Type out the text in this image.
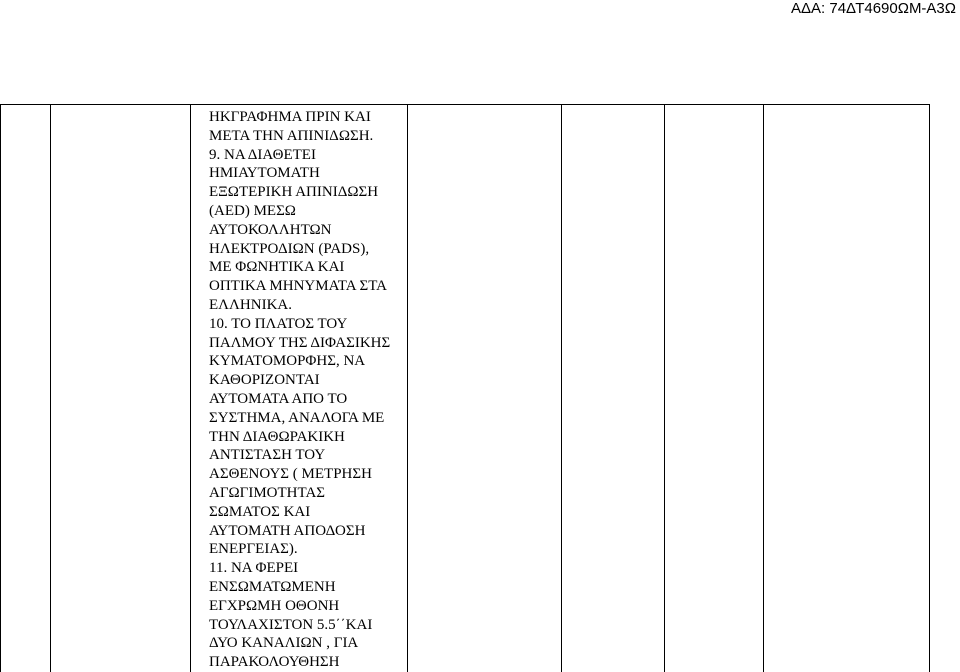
ΑΔΑ: 74ΔΤ4690ΩΜ-Α3Ω

ΗΚΓΡΑΦΗΜΑ ΠΡΙΝ ΚΑΙ
ΜΕΤΑ ΤΗΝ ΑΠΙΝΙΔΩΣΗ.
9. ΝΑ ΔΙΑΘΕΤΕΙ
ΗΜΙΑΥΤΟΜΑΤΗ
ΕΞΩΤΕΡΙΚΗ ΑΠΙΝΙΔΩΣΗ
(AED) ΜΕΣΩ
ΑΥΤΟΚΟΛΛΗΤΩΝ
ΗΛΕΚΤΡΟΔΙΩΝ (PADS),
ΜΕ ΦΩΝΗΤΙΚΑ ΚΑΙ
ΟΠΤΙΚΑ ΜΗΝΥΜΑΤΑ ΣΤΑ
ΕΛΛΗΝΙΚΑ.
10. ΤΟ ΠΛΑΤΟΣ ΤΟΥ
ΠΑΛΜΟΥ ΤΗΣ ΔΙΦΑΣΙΚΗΣ
ΚΥΜΑΤΟΜΟΡΦΗΣ, ΝΑ
ΚΑΘΟΡΙΖΟΝΤΑΙ
ΑΥΤΟΜΑΤΑ ΑΠΟ ΤΟ
ΣΥΣΤΗΜΑ, ΑΝΑΛΟΓΑ ΜΕ
ΤΗΝ ΔΙΑΘΩΡΑΚΙΚΗ
ΑΝΤΙΣΤΑΣΗ ΤΟΥ
ΑΣΘΕΝΟΥΣ ( ΜΕΤΡΗΣΗ
ΑΓΩΓΙΜΟΤΗΤΑΣ
ΣΩΜΑΤΟΣ ΚΑΙ
ΑΥΤΟΜΑΤΗ ΑΠΟΔΟΣΗ
ΕΝΕΡΓΕΙΑΣ).
11. ΝΑ ΦΕΡΕΙ
ΕΝΣΩΜΑΤΩΜΕΝΗ
ΕΓΧΡΩΜΗ ΟΘΟΝΗ
ΤΟΥΛΑΧΙΣΤΟΝ 5.5΄΄ΚΑΙ
ΔΥΟ ΚΑΝΑΛΙΩΝ , ΓΙΑ
ΠΑΡΑΚΟΛΟΥΘΗΣΗ
